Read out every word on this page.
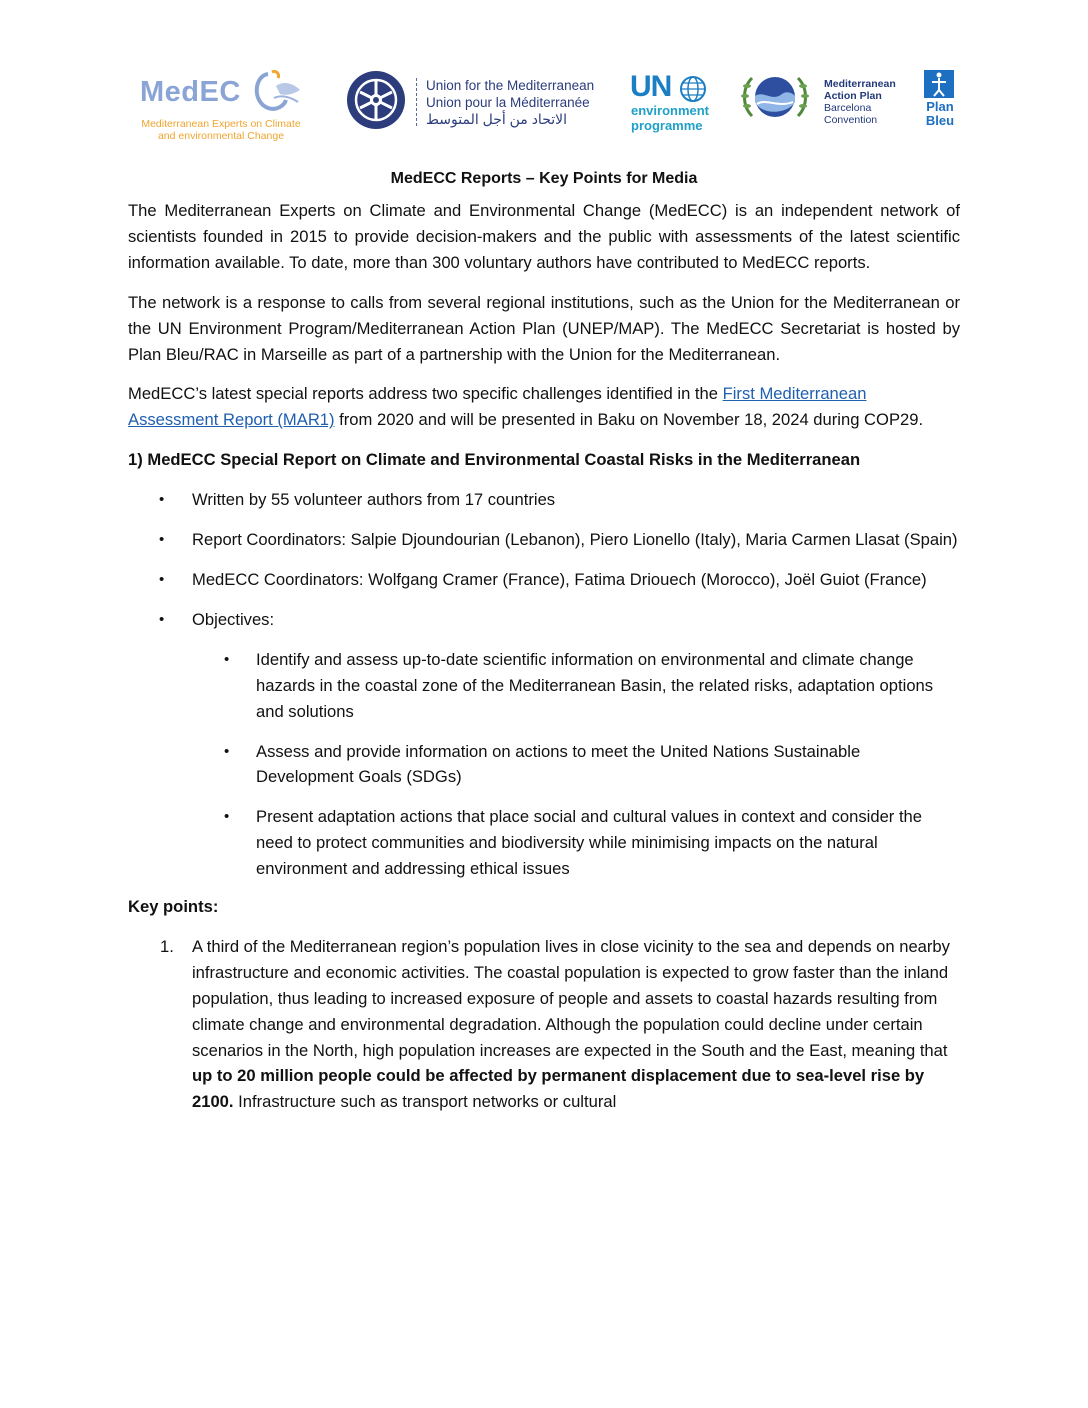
MedEC
Mediterranean Experts on Climate
and environmental Change
Union for the Mediterranean
Union pour la Méditerranée
الاتحاد من أجل المتوسط
UN
environment
programme
Mediterranean
Action Plan
Barcelona
Convention
Plan
Bleu
MedECC Reports – Key Points for Media

The Mediterranean Experts on Climate and Environmental Change (MedECC) is an independent network of scientists founded in 2015 to provide decision-makers and the public with assessments of the latest scientific information available. To date, more than 300 voluntary authors have contributed to MedECC reports.

The network is a response to calls from several regional institutions, such as the Union for the Mediterranean or the UN Environment Program/Mediterranean Action Plan (UNEP/MAP). The MedECC Secretariat is hosted by Plan Bleu/RAC in Marseille as part of a partnership with the Union for the Mediterranean.

MedECC’s latest special reports address two specific challenges identified in the First Mediterranean Assessment Report (MAR1) from 2020 and will be presented in Baku on November 18, 2024 during COP29.

1) MedECC Special Report on Climate and Environmental Coastal Risks in the Mediterranean
• Written by 55 volunteer authors from 17 countries
• Report Coordinators: Salpie Djoundourian (Lebanon), Piero Lionello (Italy), Maria Carmen Llasat (Spain)
• MedECC Coordinators: Wolfgang Cramer (France), Fatima Driouech (Morocco), Joël Guiot (France)
• Objectives:
• Identify and assess up-to-date scientific information on environmental and climate change hazards in the coastal zone of the Mediterranean Basin, the related risks, adaptation options and solutions
• Assess and provide information on actions to meet the United Nations Sustainable Development Goals (SDGs)
• Present adaptation actions that place social and cultural values in context and consider the need to protect communities and biodiversity while minimising impacts on the natural environment and addressing ethical issues
Key points:
1. A third of the Mediterranean region’s population lives in close vicinity to the sea and depends on nearby infrastructure and economic activities. The coastal population is expected to grow faster than the inland population, thus leading to increased exposure of people and assets to coastal hazards resulting from climate change and environmental degradation. Although the population could decline under certain scenarios in the North, high population increases are expected in the South and the East, meaning that up to 20 million people could be affected by permanent displacement due to sea-level rise by 2100. Infrastructure such as transport networks or cultural
